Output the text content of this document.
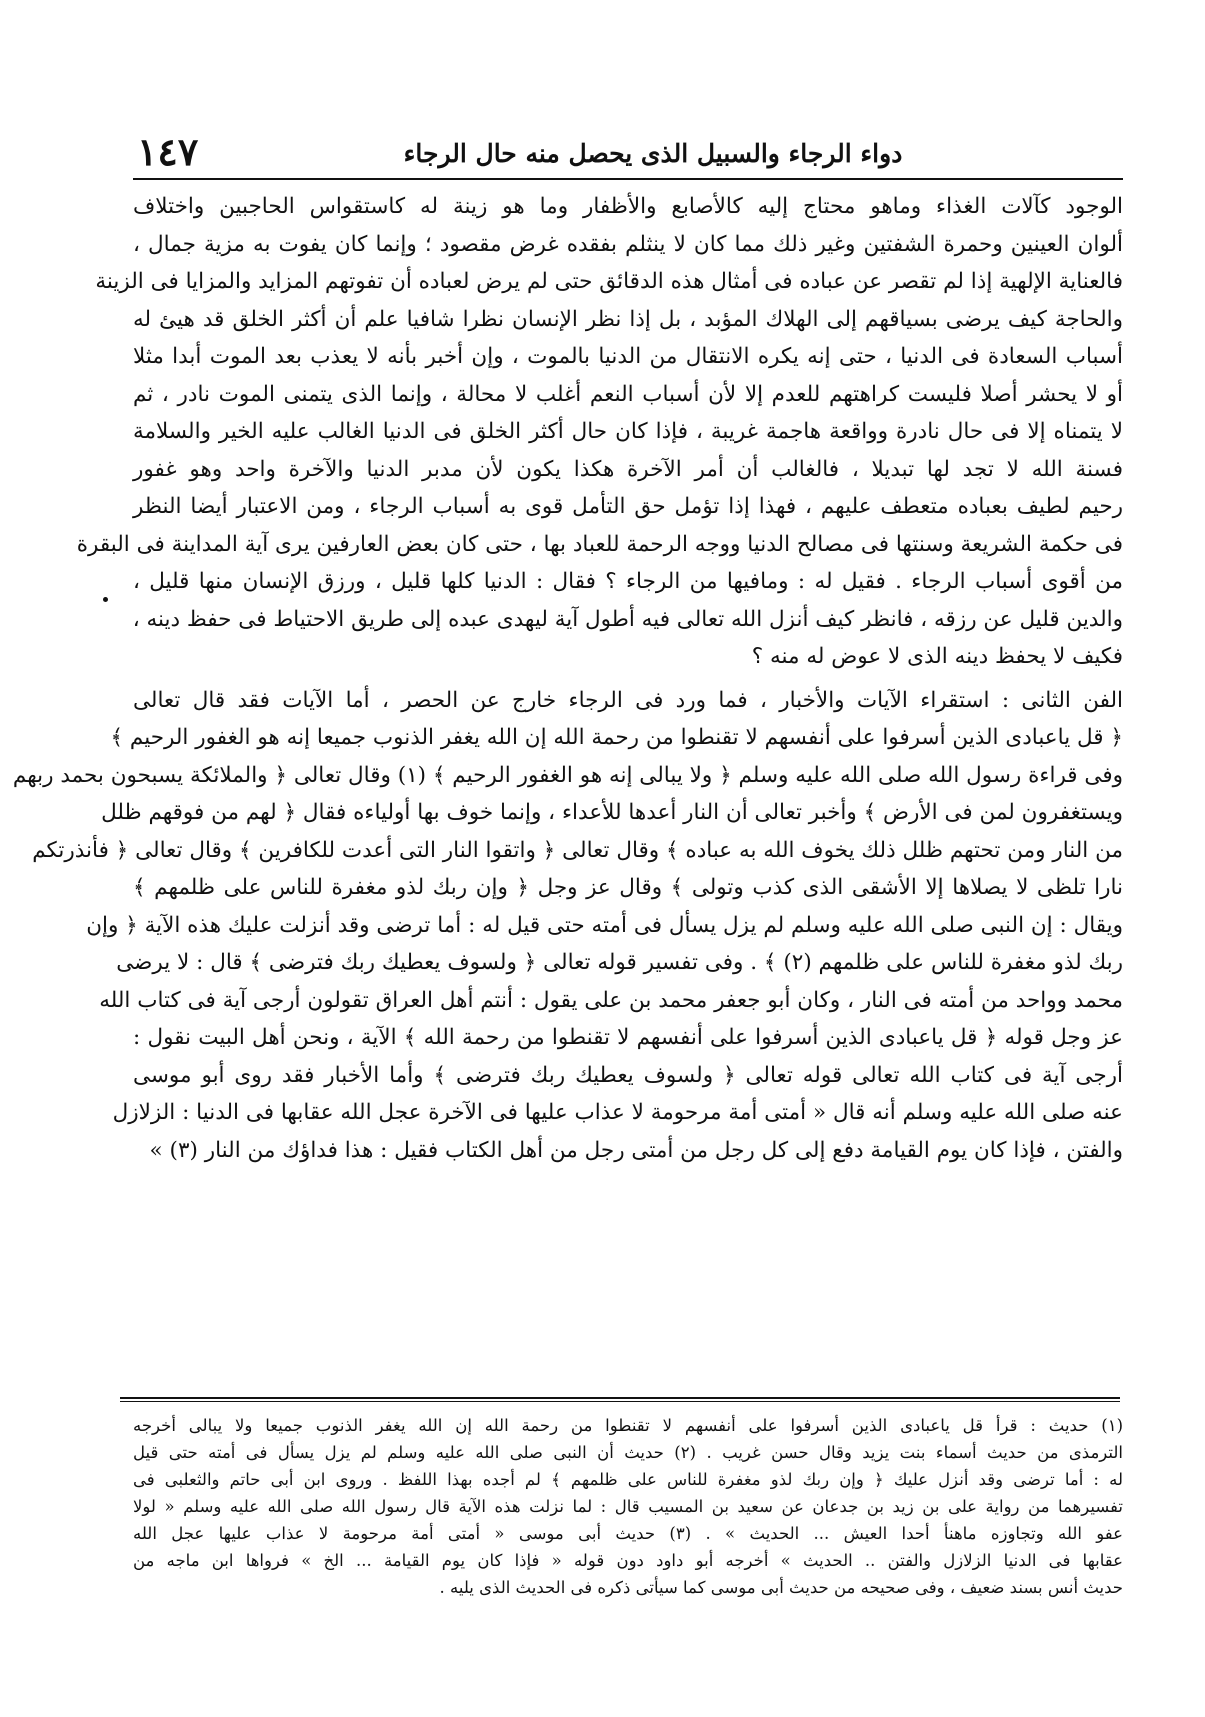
١٤٧	دواء الرجاء والسبيل الذى يحصل منه حال الرجاء
الوجود كآلات الغذاء وماهو محتاج إليه كالأصابع والأظفار وما هو زينة له كاستقواس الحاجبين واختلاف
ألوان العينين وحمرة الشفتين وغير ذلك مما كان لا ينثلم بفقده غرض مقصود ؛ وإنما كان يفوت به مزية جمال ،
فالعناية الإلهية إذا لم تقصر عن عباده فى أمثال هذه الدقائق حتى لم يرض لعباده أن تفوتهم المزايد والمزايا فى الزينة
والحاجة كيف يرضى بسياقهم إلى الهلاك المؤبد ، بل إذا نظر الإنسان نظرا شافيا علم أن أكثر الخلق قد هيئ له
أسباب السعادة فى الدنيا ، حتى إنه يكره الانتقال من الدنيا بالموت ، وإن أخبر بأنه لا يعذب بعد الموت أبدا مثلا
أو لا يحشر أصلا فليست كراهتهم للعدم إلا لأن أسباب النعم أغلب لا محالة ، وإنما الذى يتمنى الموت نادر ، ثم
لا يتمناه إلا فى حال نادرة وواقعة هاجمة غريبة ، فإذا كان حال أكثر الخلق فى الدنيا الغالب عليه الخير والسلامة
فسنة الله لا تجد لها تبديلا ، فالغالب أن أمر الآخرة هكذا يكون لأن مدبر الدنيا والآخرة واحد وهو غفور
رحيم لطيف بعباده متعطف عليهم ، فهذا إذا تؤمل حق التأمل قوى به أسباب الرجاء ، ومن الاعتبار أيضا النظر
فى حكمة الشريعة وسنتها فى مصالح الدنيا ووجه الرحمة للعباد بها ، حتى كان بعض العارفين يرى آية المداينة فى البقرة
من أقوى أسباب الرجاء . فقيل له : ومافيها من الرجاء ؟ فقال : الدنيا كلها قليل ، ورزق الإنسان منها قليل ،
والدين قليل عن رزقه ، فانظر كيف أنزل الله تعالى فيه أطول آية ليهدى عبده إلى طريق الاحتياط فى حفظ دينه ،
فكيف لا يحفظ دينه الذى لا عوض له منه ؟
الفن الثانى : استقراء الآيات والأخبار ، فما ورد فى الرجاء خارج عن الحصر ، أما الآيات فقد قال تعالى
﴿ قل ياعبادى الذين أسرفوا على أنفسهم لا تقنطوا من رحمة الله إن الله يغفر الذنوب جميعا إنه هو الغفور الرحيم ﴾
وفى قراءة رسول الله صلى الله عليه وسلم ﴿ ولا يبالى إنه هو الغفور الرحيم ﴾ (١) وقال تعالى ﴿ والملائكة يسبحون بحمد ربهم
ويستغفرون لمن فى الأرض ﴾ وأخبر تعالى أن النار أعدها للأعداء ، وإنما خوف بها أولياءه فقال ﴿ لهم من فوقهم ظلل
من النار ومن تحتهم ظلل ذلك يخوف الله به عباده ﴾ وقال تعالى ﴿ واتقوا النار التى أعدت للكافرين ﴾ وقال تعالى ﴿ فأنذرتكم
نارا تلظى لا يصلاها إلا الأشقى الذى كذب وتولى ﴾ وقال عز وجل ﴿ وإن ربك لذو مغفرة للناس على ظلمهم ﴾
ويقال : إن النبى صلى الله عليه وسلم لم يزل يسأل فى أمته حتى قيل له : أما ترضى وقد أنزلت عليك هذه الآية ﴿ وإن
ربك لذو مغفرة للناس على ظلمهم (٢) ﴾ . وفى تفسير قوله تعالى ﴿ ولسوف يعطيك ربك فترضى ﴾ قال : لا يرضى
محمد وواحد من أمته فى النار ، وكان أبو جعفر محمد بن على يقول : أنتم أهل العراق تقولون أرجى آية فى كتاب الله
عز وجل قوله ﴿ قل ياعبادى الذين أسرفوا على أنفسهم لا تقنطوا من رحمة الله ﴾ الآية ، ونحن أهل البيت نقول :
أرجى آية فى كتاب الله تعالى قوله تعالى ﴿ ولسوف يعطيك ربك فترضى ﴾ وأما الأخبار فقد روى أبو موسى
عنه صلى الله عليه وسلم أنه قال « أمتى أمة مرحومة لا عذاب عليها فى الآخرة عجل الله عقابها فى الدنيا : الزلازل
والفتن ، فإذا كان يوم القيامة دفع إلى كل رجل من أمتى رجل من أهل الكتاب فقيل : هذا فداؤك من النار (٣) »
(١) حديث : قرأ قل ياعبادى الذين أسرفوا على أنفسهم لا تقنطوا من رحمة الله إن الله يغفر الذنوب جميعا ولا يبالى أخرجه
الترمذى من حديث أسماء بنت يزيد وقال حسن غريب . (٢) حديث أن النبى صلى الله عليه وسلم لم يزل يسأل فى أمته حتى قيل
له : أما ترضى وقد أنزل عليك ﴿ وإن ربك لذو مغفرة للناس على ظلمهم ﴾ لم أجده بهذا اللفظ . وروى ابن أبى حاتم والثعلبى فى
تفسيرهما من رواية على بن زيد بن جدعان عن سعيد بن المسيب قال : لما نزلت هذه الآية قال رسول الله صلى الله عليه وسلم « لولا
عفو الله وتجاوزه ماهنأ أحدا العيش ... الحديث » . (٣) حديث أبى موسى « أمتى أمة مرحومة لا عذاب عليها عجل الله
عقابها فى الدنيا الزلازل والفتن .. الحديث » أخرجه أبو داود دون قوله « فإذا كان يوم القيامة ... الخ » فرواها ابن ماجه من
حديث أنس بسند ضعيف ، وفى صحيحه من حديث أبى موسى كما سيأتى ذكره فى الحديث الذى يليه .
